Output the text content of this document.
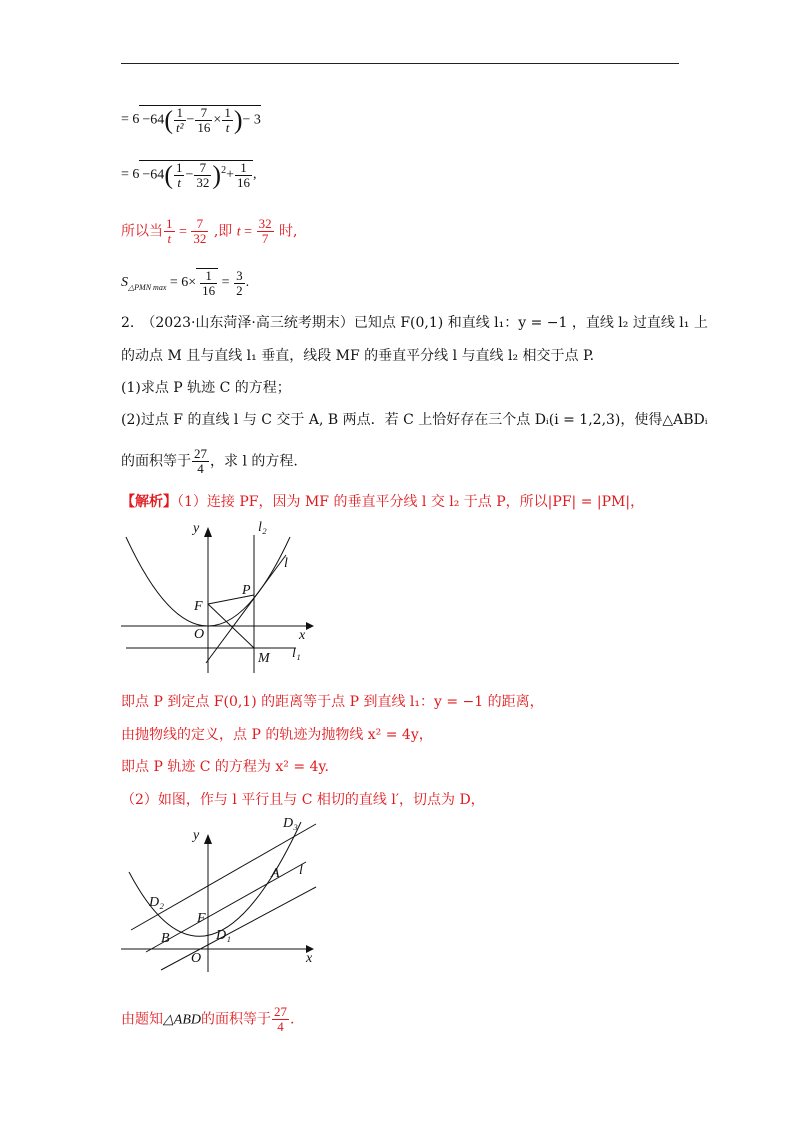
= $6 -64( \frac{1}{\text{t²}} - \frac{7}{16} \times \frac{1}{t}$ )− 3
= $6 -64( \frac{1}{t} - \frac{7}{32} )^2+ \frac{1}{16}$ ,
所以当 $\frac{1}{t} = \frac{7}{32}$ ,即 $t = \frac{32}{7}$ 时,
$S_{\triangle PMN max} = 6\times \frac{1}{16} = \frac{3}{2}$ .
2.　（2023·山东菏泽·高三统考期末）已知点 F(0,1) 和直线 l₁：y = −1 ，直线 l₂ 过直线 l₁ 上
的动点 M 且与直线 l₁ 垂直，线段 MF 的垂直平分线 l 与直线 l₂ 相交于点 P.
(1)求点 P 轨迹 C 的方程；
(2)过点 F 的直线 l 与 C 交于 A, B 两点．若 C 上恰好存在三个点 Dᵢ(i = 1,2,3)，使得△ABDᵢ
的面积等于 $\frac{27}{4}$ ，求 l 的方程.
【解析】（1）连接 PF，因为 MF 的垂直平分线 l 交 l₂ 于点 P，所以|PF| = |PM|，
y	l₂
l
P
F
O	x
M l₁
即点 P 到定点 F(0,1) 的距离等于点 P 到直线 l₁：y = −1 的距离，
由抛物线的定义，点 P 的轨迹为抛物线 x² = 4y，
即点 P 轨迹 C 的方程为 x² = 4y.
（2）如图，作与 l 平行且与 C 相切的直线 l′，切点为 D，
y
D₃
A l
D₂
F
B	D₁
O	x
由题知△ABD的面积等于 $\frac{27}{4}$ .
